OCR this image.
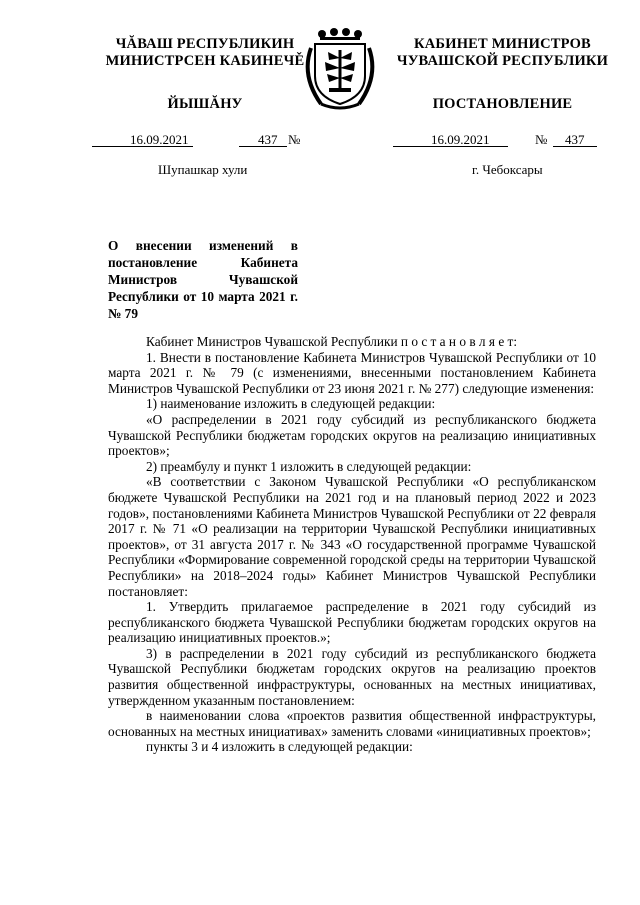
ЧĂВАШ РЕСПУБЛИКИН
МИНИСТРСЕН КАБИНЕЧĚ
ЙЫШĂНУ
КАБИНЕТ МИНИСТРОВ
ЧУВАШСКОЙ РЕСПУБЛИКИ
ПОСТАНОВЛЕНИЕ
16.09.2021	437 №	16.09.2021	№ 437
Шупашкар хули	г. Чебоксары
О внесении изменений в постановление Кабинета Министров Чувашской Республики от 10 марта 2021 г. № 79

Кабинет Министров Чувашской Республики п о с т а н о в л я е т:

1. Внести в постановление Кабинета Министров Чувашской Республики от 10 марта 2021 г. № 79 (с изменениями, внесенными постановлением Кабинета Министров Чувашской Республики от 23 июня 2021 г. № 277) следующие изменения:

1) наименование изложить в следующей редакции:

«О распределении в 2021 году субсидий из республиканского бюджета Чувашской Республики бюджетам городских округов на реализацию инициативных проектов»;

2) преамбулу и пункт 1 изложить в следующей редакции:

«В соответствии с Законом Чувашской Республики «О республиканском бюджете Чувашской Республики на 2021 год и на плановый период 2022 и 2023 годов», постановлениями Кабинета Министров Чувашской Республики от 22 февраля 2017 г. № 71 «О реализации на территории Чувашской Республики инициативных проектов», от 31 августа 2017 г. № 343 «О государственной программе Чувашской Республики «Формирование современной городской среды на территории Чувашской Республики» на 2018–2024 годы» Кабинет Министров Чувашской Республики постановляет:

1. Утвердить прилагаемое распределение в 2021 году субсидий из республиканского бюджета Чувашской Республики бюджетам городских округов на реализацию инициативных проектов.»;

3) в распределении в 2021 году субсидий из республиканского бюджета Чувашской Республики бюджетам городских округов на реализацию проектов развития общественной инфраструктуры, основанных на местных инициативах, утвержденном указанным постановлением:

в наименовании слова «проектов развития общественной инфраструктуры, основанных на местных инициативах» заменить словами «инициативных проектов»;

пункты 3 и 4 изложить в следующей редакции:
